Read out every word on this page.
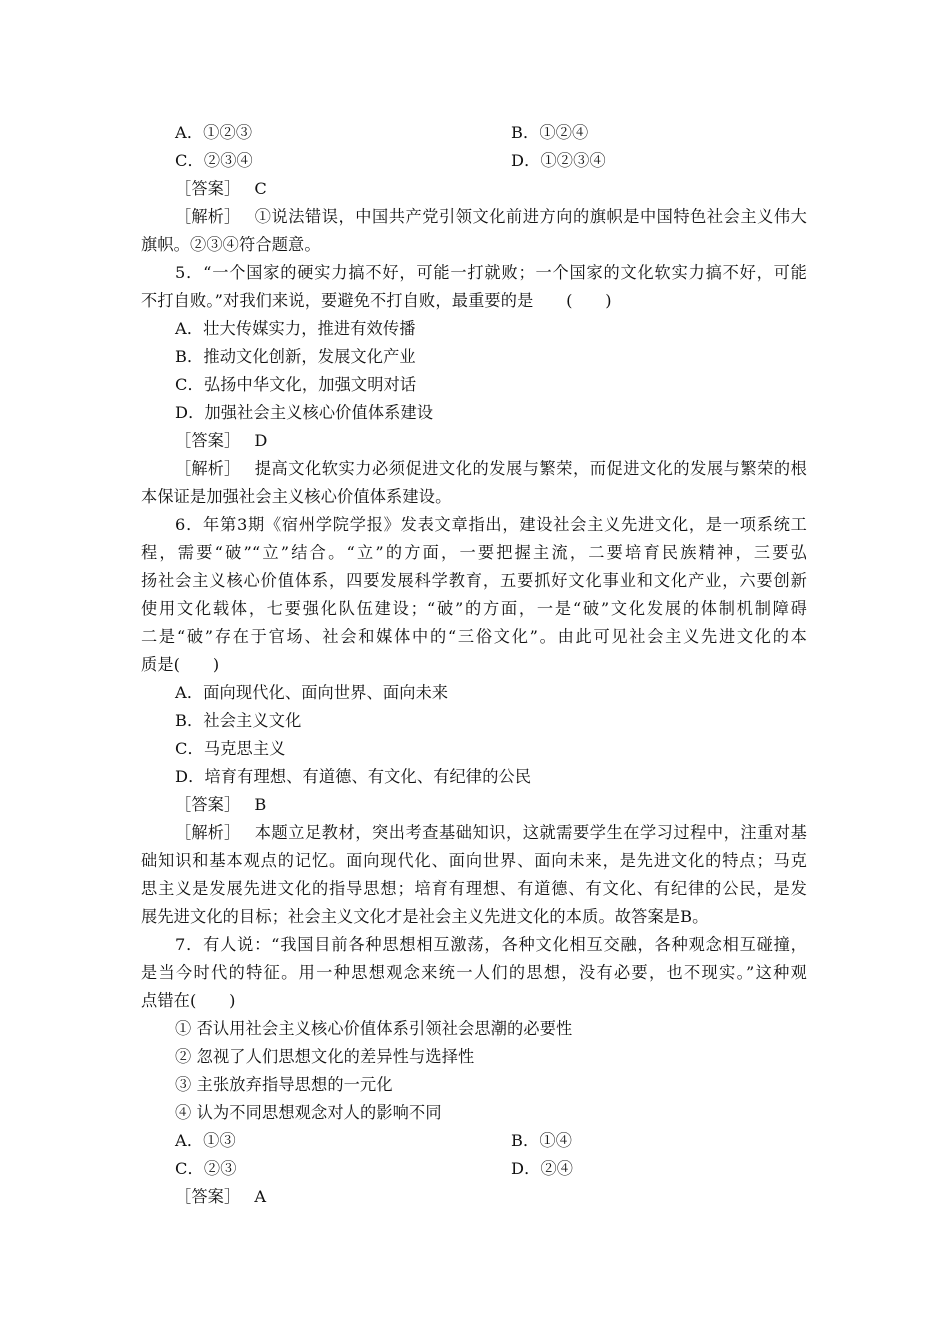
A．①②③	B．①②④
C．②③④	D．①②③④
［答案］ C
［解析］ ①说法错误，中国共产党引领文化前进方向的旗帜是中国特色社会主义伟大
旗帜。②③④符合题意。
5．“一个国家的硬实力搞不好，可能一打就败；一个国家的文化软实力搞不好，可能
不打自败。”对我们来说，要避免不打自败，最重要的是　　(　　)
A．壮大传媒实力，推进有效传播
B．推动文化创新，发展文化产业
C．弘扬中华文化，加强文明对话
D．加强社会主义核心价值体系建设
［答案］ D
［解析］ 提高文化软实力必须促进文化的发展与繁荣，而促进文化的发展与繁荣的根
本保证是加强社会主义核心价值体系建设。
6．年第3期《宿州学院学报》发表文章指出，建设社会主义先进文化，是一项系统工
程，需要“破”“立”结合。“立”的方面，一要把握主流，二要培育民族精神，三要弘
扬社会主义核心价值体系，四要发展科学教育，五要抓好文化事业和文化产业，六要创新
使用文化载体，七要强化队伍建设；“破”的方面，一是“破”文化发展的体制机制障碍
二是“破”存在于官场、社会和媒体中的“三俗文化”。由此可见社会主义先进文化的本
质是(　　)
A．面向现代化、面向世界、面向未来
B．社会主义文化
C．马克思主义
D．培育有理想、有道德、有文化、有纪律的公民
［答案］ B
［解析］ 本题立足教材，突出考查基础知识，这就需要学生在学习过程中，注重对基
础知识和基本观点的记忆。面向现代化、面向世界、面向未来，是先进文化的特点；马克
思主义是发展先进文化的指导思想；培育有理想、有道德、有文化、有纪律的公民，是发
展先进文化的目标；社会主义文化才是社会主义先进文化的本质。故答案是B。
7．有人说：“我国目前各种思想相互激荡，各种文化相互交融，各种观念相互碰撞，
是当今时代的特征。用一种思想观念来统一人们的思想，没有必要，也不现实。”这种观
点错在(　　)
① 否认用社会主义核心价值体系引领社会思潮的必要性
② 忽视了人们思想文化的差异性与选择性
③ 主张放弃指导思想的一元化
④ 认为不同思想观念对人的影响不同
A．①③	B．①④
C．②③	D．②④
［答案］ A
